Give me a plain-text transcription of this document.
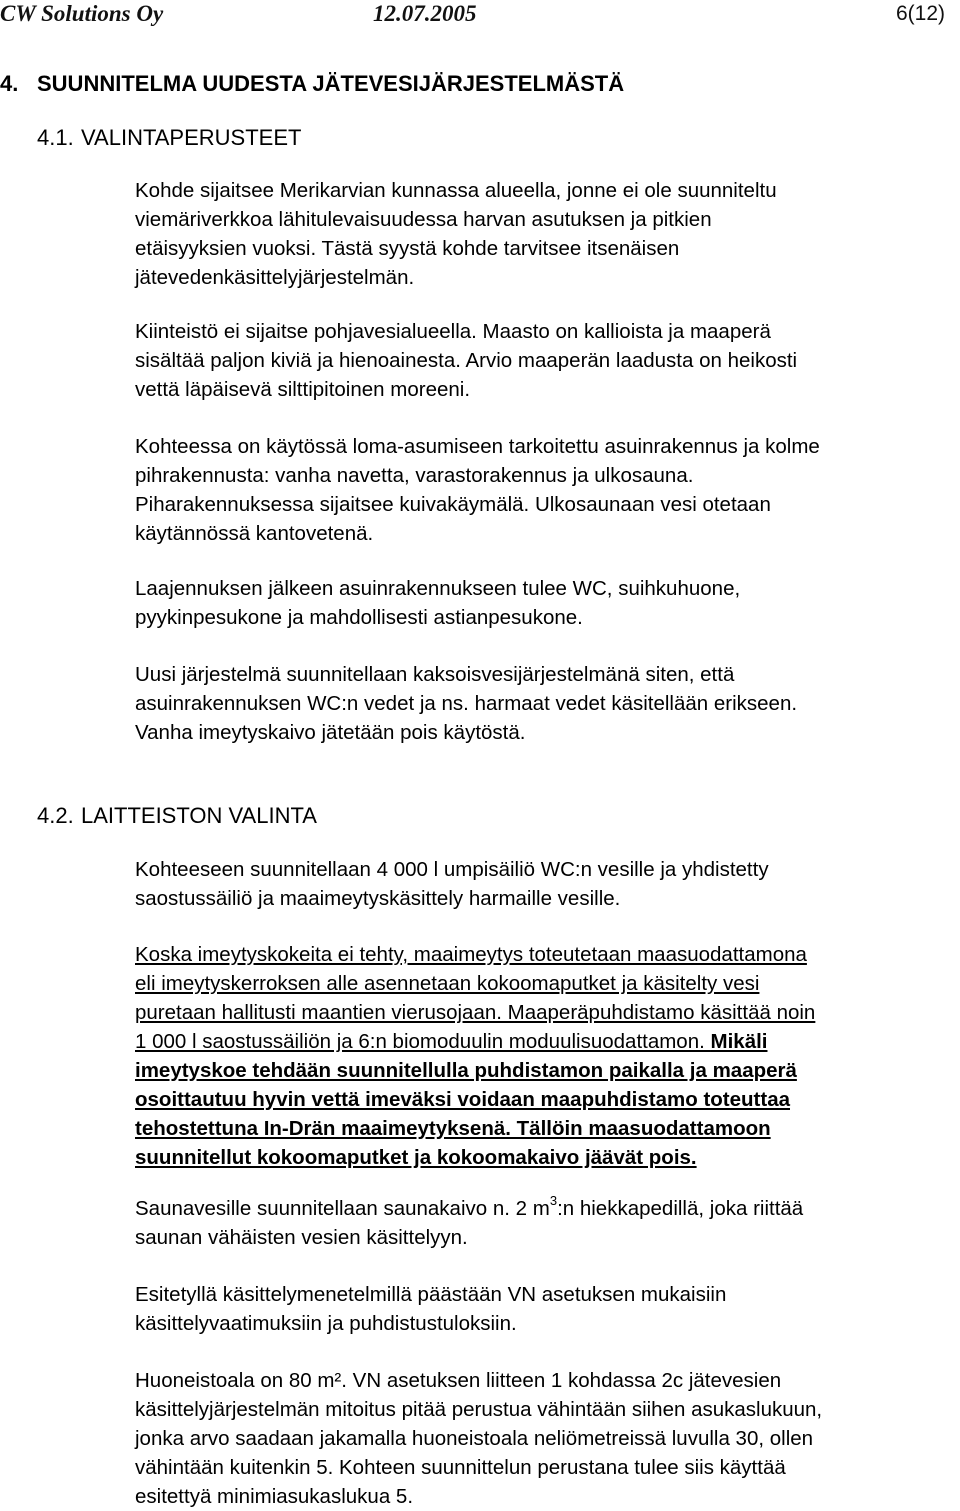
CW Solutions Oy	12.07.2005	6(12)
4. SUUNNITELMA UUDESTA JÄTEVESIJÄRJESTELMÄSTÄ
4.1. VALINTAPERUSTEET
Kohde sijaitsee Merikarvian kunnassa alueella, jonne ei ole suunniteltu
viemäriverkkoa lähitulevaisuudessa harvan asutuksen ja pitkien
etäisyyksien vuoksi. Tästä syystä kohde tarvitsee itsenäisen
jätevedenkäsittelyjärjestelmän.
Kiinteistö ei sijaitse pohjavesialueella. Maasto on kallioista ja maaperä
sisältää paljon kiviä ja hienoainesta. Arvio maaperän laadusta on heikosti
vettä läpäisevä silttipitoinen moreeni.
Kohteessa on käytössä loma-asumiseen tarkoitettu asuinrakennus ja kolme
pihrakennusta: vanha navetta, varastorakennus ja ulkosauna.
Piharakennuksessa sijaitsee kuivakäymälä. Ulkosaunaan vesi otetaan
käytännössä kantovetenä.
Laajennuksen jälkeen asuinrakennukseen tulee WC, suihkuhuone,
pyykinpesukone ja mahdollisesti astianpesukone.
Uusi järjestelmä suunnitellaan kaksoisvesijärjestelmänä siten, että
asuinrakennuksen WC:n vedet ja ns. harmaat vedet käsitellään erikseen.
Vanha imeytyskaivo jätetään pois käytöstä.
4.2. LAITTEISTON VALINTA
Kohteeseen suunnitellaan 4 000 l umpisäiliö WC:n vesille ja yhdistetty
saostussäiliö ja maaimeytyskäsittely harmaille vesille.
Koska imeytyskokeita ei tehty, maaimeytys toteutetaan maasuodattamona
eli imeytyskerroksen alle asennetaan kokoomaputket ja käsitelty vesi
puretaan hallitusti maantien vierusojaan. Maaperäpuhdistamo käsittää noin
1 000 l saostussäiliön ja 6:n biomoduulin moduulisuodattamon. Mikäli
imeytyskoe tehdään suunnitellulla puhdistamon paikalla ja maaperä
osoittautuu hyvin vettä imeväksi voidaan maapuhdistamo toteuttaa
tehostettuna In-Drän maaimeytyksenä. Tällöin maasuodattamoon
suunnitellut kokoomaputket ja kokoomakaivo jäävät pois.
Saunavesille suunnitellaan saunakaivo n. 2 $m^3:n$ hiekkapedillä, joka riittää
saunan vähäisten vesien käsittelyyn.
Esitetyllä käsittelymenetelmillä päästään VN asetuksen mukaisiin
käsittelyvaatimuksiin ja puhdistustuloksiin.
Huoneistoala on 80 m². VN asetuksen liitteen 1 kohdassa 2c jätevesien
käsittelyjärjestelmän mitoitus pitää perustua vähintään siihen asukaslukuun,
jonka arvo saadaan jakamalla huoneistoala neliömetreissä luvulla 30, ollen
vähintään kuitenkin 5. Kohteen suunnittelun perustana tulee siis käyttää
esitettyä minimiasukaslukua 5.
